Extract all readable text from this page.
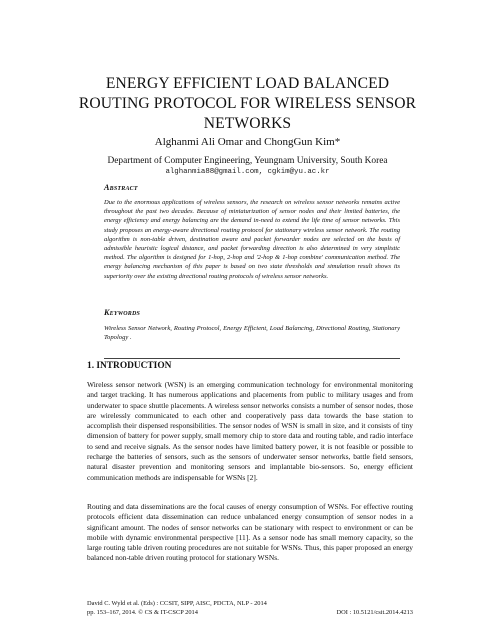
ENERGY EFFICIENT LOAD BALANCED
ROUTING PROTOCOL FOR WIRELESS SENSOR
NETWORKS
Alghanmi Ali Omar and ChongGun Kim*
Department of Computer Engineering, Yeungnam University, South Korea
alghanmia88@gmail.com, cgkim@yu.ac.kr
Abstract
Due to the enormous applications of wireless sensors, the research on wireless sensor networks remains active throughout the past two decades. Because of miniaturization of sensor nodes and their limited batteries, the energy efficiency and energy balancing are the demand in-need to extend the life time of sensor networks. This study proposes an energy-aware directional routing protocol for stationary wireless sensor network. The routing algorithm is non-table driven, destination aware and packet forwarder nodes are selected on the basis of admissible heuristic logical distance, and packet forwarding direction is also determined in very simplistic method. The algorithm is designed for 1-hop, 2-hop and '2-hop & 1-hop combine' communication method. The energy balancing mechanism of this paper is based on two state thresholds and simulation result shows its superiority over the existing directional routing protocols of wireless sensor networks.
Keywords
Wireless Sensor Network, Routing Protocol, Energy Efficient, Load Balancing, Directional Routing, Stationary Topology .
1. INTRODUCTION
Wireless sensor network (WSN) is an emerging communication technology for environmental monitoring and target tracking. It has numerous applications and placements from public to military usages and from underwater to space shuttle placements. A wireless sensor networks consists a number of sensor nodes, those are wirelessly communicated to each other and cooperatively pass data towards the base station to accomplish their dispensed responsibilities. The sensor nodes of WSN is small in size, and it consists of tiny dimension of battery for power supply, small memory chip to store data and routing table, and radio interface to send and receive signals. As the sensor nodes have limited battery power, it is not feasible or possible to recharge the batteries of sensors, such as the sensors of underwater sensor networks, battle field sensors, natural disaster prevention and monitoring sensors and implantable bio-sensors. So, energy efficient communication methods are indispensable for WSNs [2].
Routing and data disseminations are the focal causes of energy consumption of WSNs. For effective routing protocols efficient data dissemination can reduce unbalanced energy consumption of sensor nodes in a significant amount. The nodes of sensor networks can be stationary with respect to environment or can be mobile with dynamic environmental perspective [11]. As a sensor node has small memory capacity, so the large routing table driven routing procedures are not suitable for WSNs. Thus, this paper proposed an energy balanced non-table driven routing protocol for stationary WSNs.
David C. Wyld et al. (Eds) : CCSIT, SIPP, AISC, PDCTA, NLP - 2014
pp. 153–167, 2014. © CS & IT-CSCP 2014	DOI : 10.5121/csit.2014.4213
